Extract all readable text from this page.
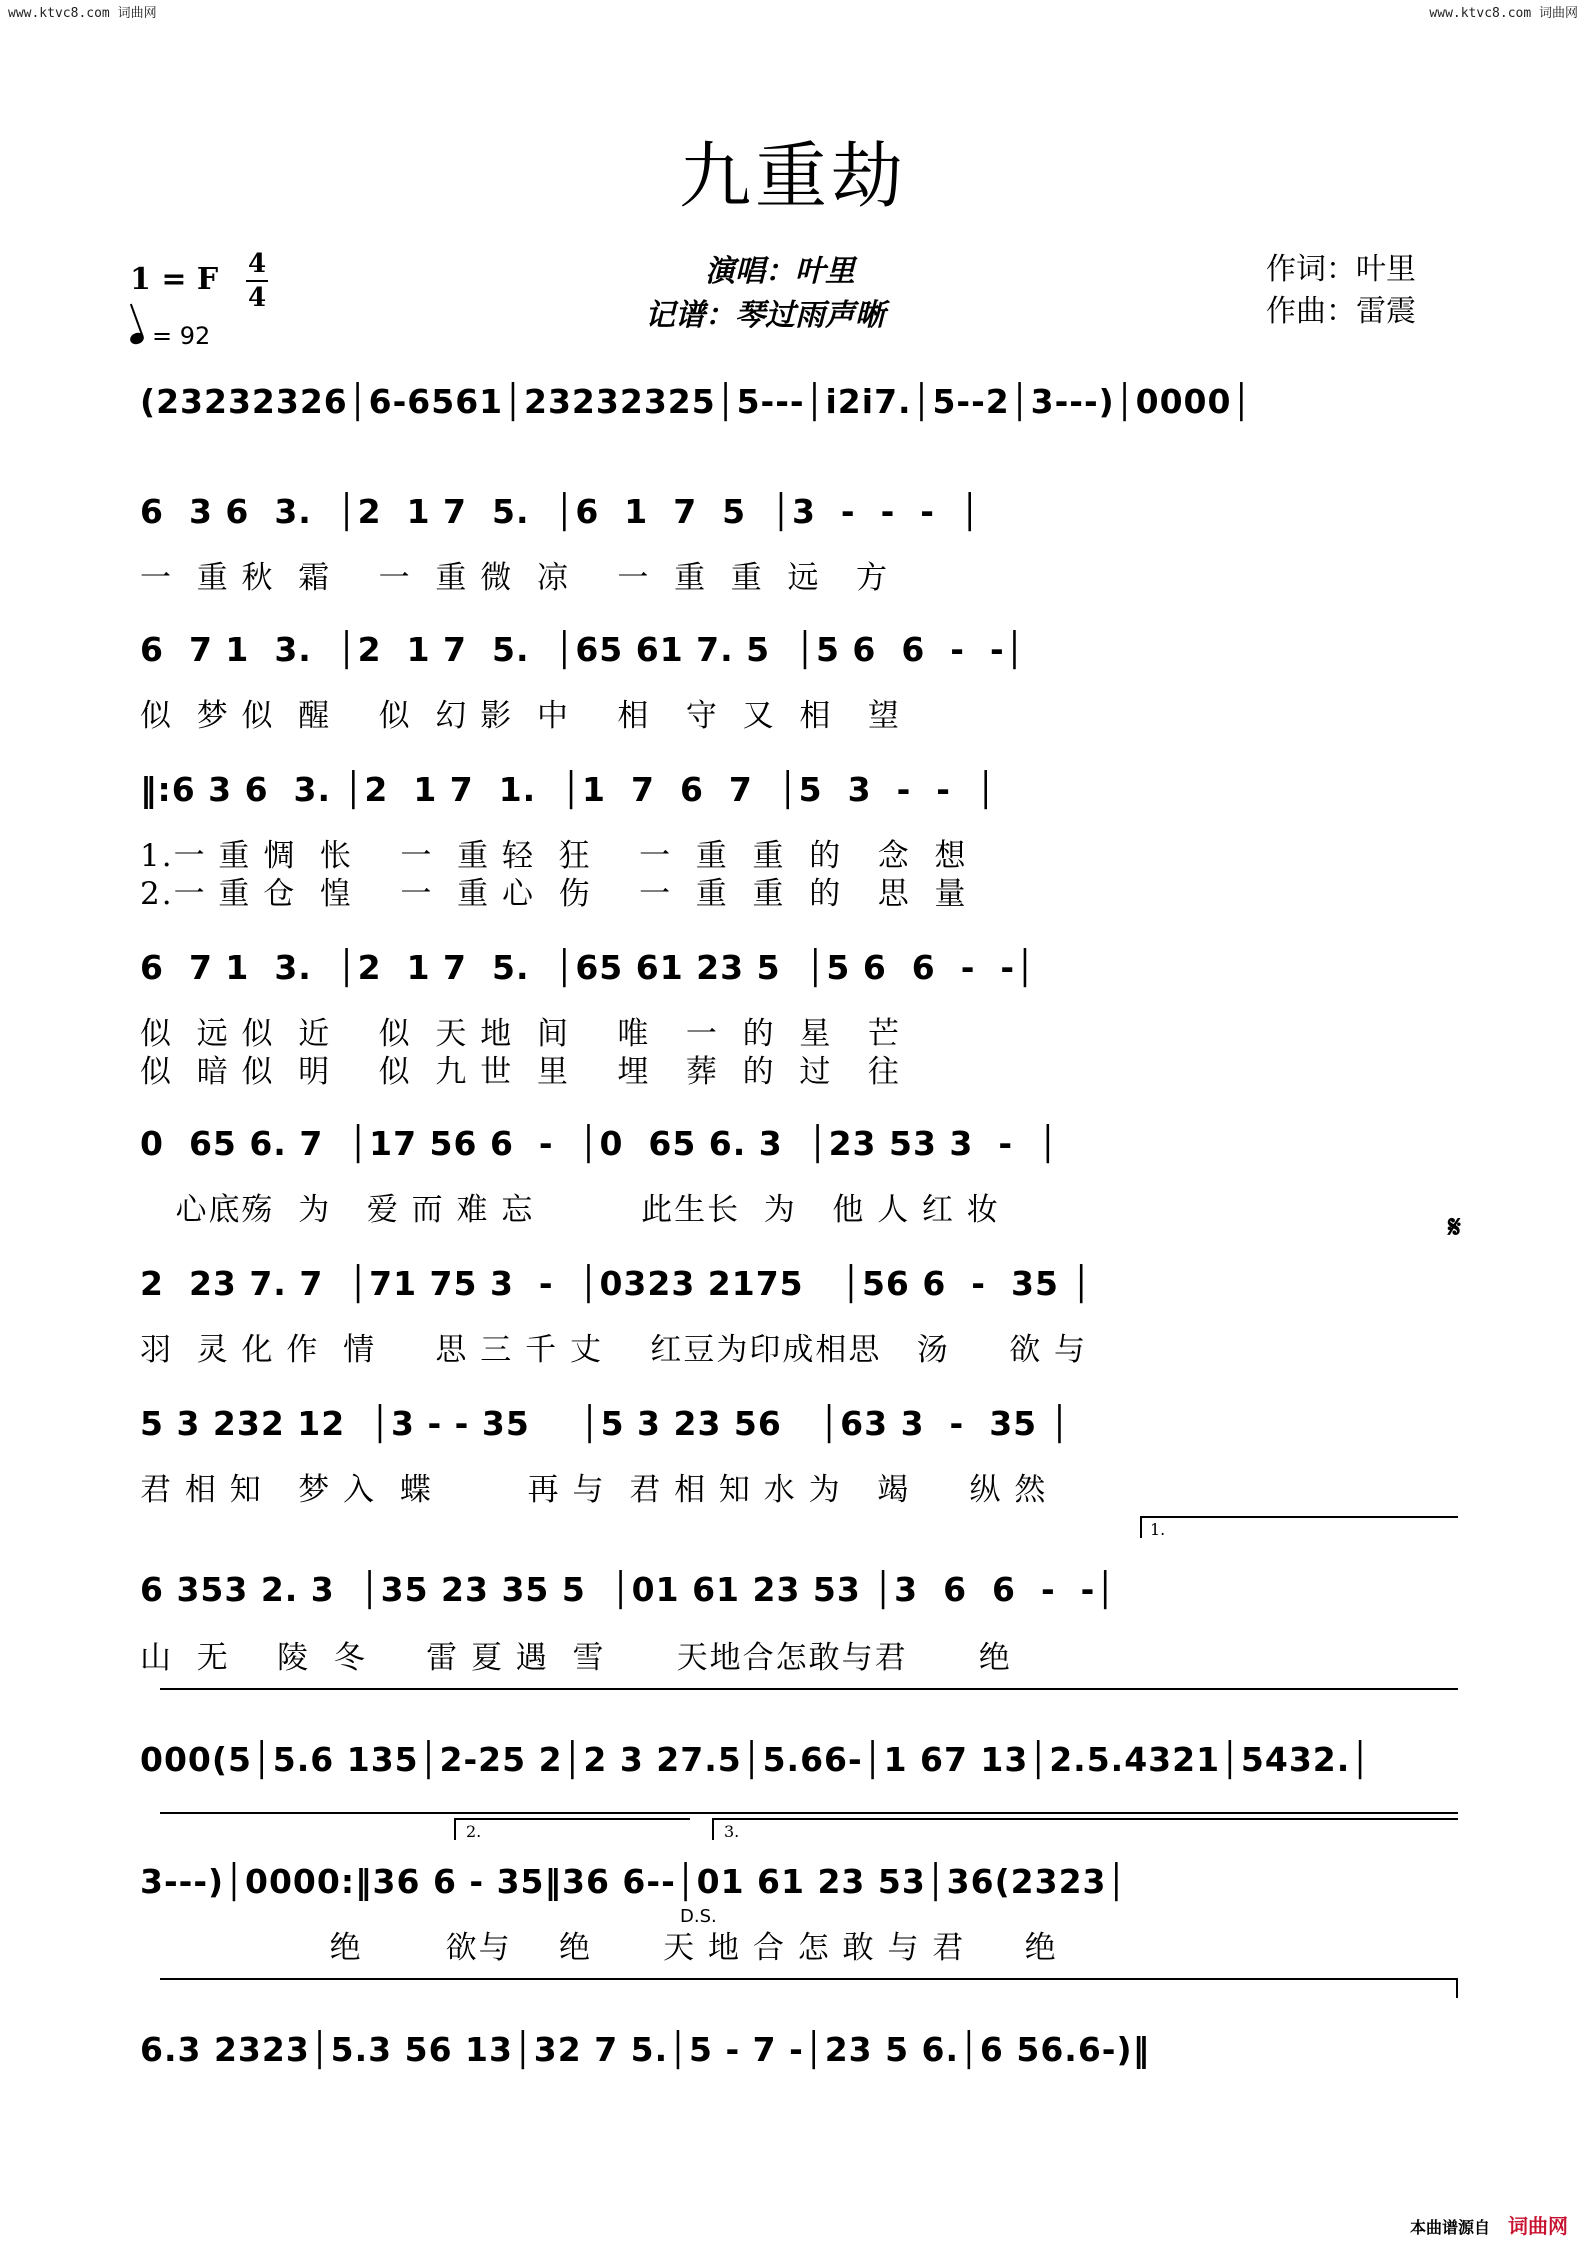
www.ktvc8.com 词曲网	www.ktvc8.com 词曲网
九重劫
1 = F 4
4
= 92
演唱：叶里
记谱：琴过雨声晰
作词：叶里
作曲：雷震
(23232326│6-6561│23232325│5---│i2i7.│5--2│3---)│0000│
6  3 6  3.  │2  1 7  5.  │6  1  7  5  │3  -  -  -  │
一  重 秋  霜    一  重 微  凉    一  重  重  远   方
6  7 1  3.  │2  1 7  5.  │65 61 7. 5  │5 6  6  -  -│
似  梦 似  醒    似  幻 影  中    相   守  又  相   望
‖:6 3 6  3. │2  1 7  1.  │1  7  6  7  │5  3  -  -  │
1.一 重 惆  怅    一  重 轻  狂    一  重  重  的   念  想
2.一 重 仓  惶    一  重 心  伤    一  重  重  的   思  量
6  7 1  3.  │2  1 7  5.  │65 61 23 5  │5 6  6  -  -│
似  远 似  近    似  天 地  间    唯   一  的  星   芒
似  暗 似  明    似  九 世  里    埋   葬  的  过   往
0  65 6. 7  │17 56 6  -  │0  65 6. 3  │23 53 3  -  │
心底殇  为   爱 而 难 忘         此生长  为   他 人 红 妆	𝄋
2  23 7. 7  │71 75 3  -  │0323 2175   │56 6  -  35 │
羽  灵 化 作  情     思 三 千 丈    红豆为印成相思   汤     欲 与
5 3 232 12  │3 - - 35    │5 3 23 56   │63 3  -  35 │
君 相 知   梦 入  蝶        再 与  君 相 知 水 为   竭     纵 然
1.
6 353 2. 3  │35 23 35 5  │01 61 23 53 │3  6  6  -  -│
山  无    陵  冬     雷 夏 遇  雪      天地合怎敢与君      绝
000(5│5.6 135│2-25 2│2 3 27.5│5.66-│1 67 13│2.5.4321│5432.│
2.	3.
3---)│0000:‖36 6 - 35‖36 6--│01 61 23 53│36(2323│
D.S.
绝       欲与    绝      天 地 合 怎 敢 与 君     绝
6.3 2323│5.3 56 13│32 7 5.│5 - 7 -│23 5 6.│6 56.6-)‖
本曲谱源自 词曲网
